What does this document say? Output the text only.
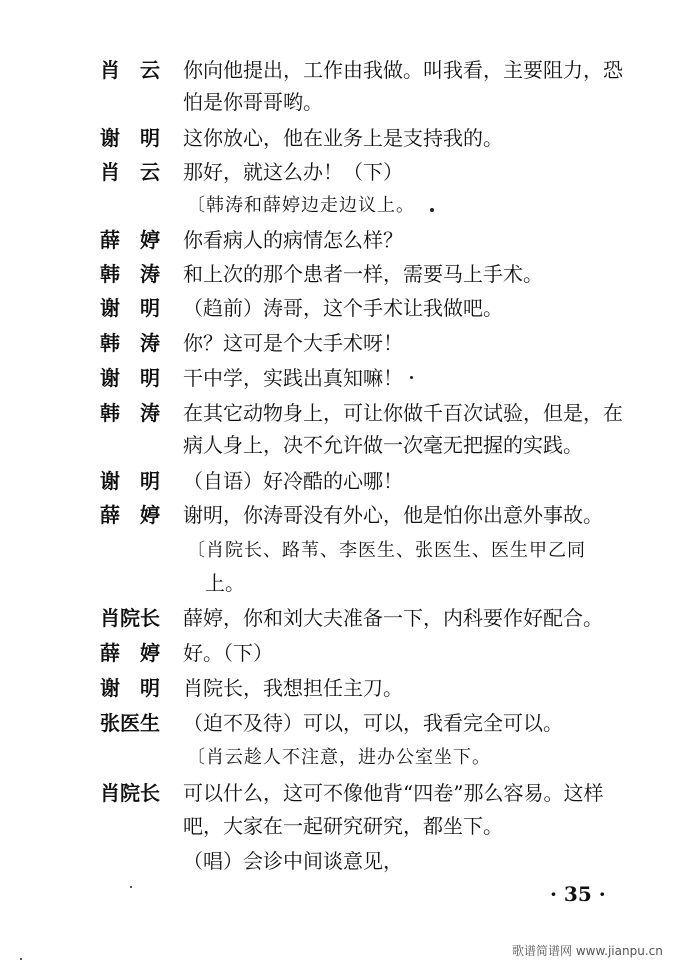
肖　云 你向他提出，工作由我做。叫我看，主要阻力，恐
怕是你哥哥哟。
谢　明 这你放心，他在业务上是支持我的。
肖　云 那好，就这么办！（下）
〔韩涛和薛婷边走边议上。
薛　婷 你看病人的病情怎么样？
韩　涛 和上次的那个患者一样，需要马上手术。
谢　明 （趋前）涛哥，这个手术让我做吧。
韩　涛 你？这可是个大手术呀！
谢　明 干中学，实践出真知嘛！
韩　涛 在其它动物身上，可让你做千百次试验，但是，在
病人身上，决不允许做一次毫无把握的实践。
谢　明 （自语）好冷酷的心哪！
薛　婷 谢明，你涛哥没有外心，他是怕你出意外事故。
〔肖院长、路苇、李医生、张医生、医生甲乙同
上。
肖院长 薛婷，你和刘大夫准备一下，内科要作好配合。
薛　婷 好。（下）
谢　明 肖院长，我想担任主刀。
张医生 （迫不及待）可以，可以，我看完全可以。
〔肖云趁人不注意，进办公室坐下。
肖院长 可以什么，这可不像他背“四卷”那么容易。这样
吧，大家在一起研究研究，都坐下。
（唱）会诊中间谈意见，
· 35 ·
歌谱简谱网 www.jianpu.cn
